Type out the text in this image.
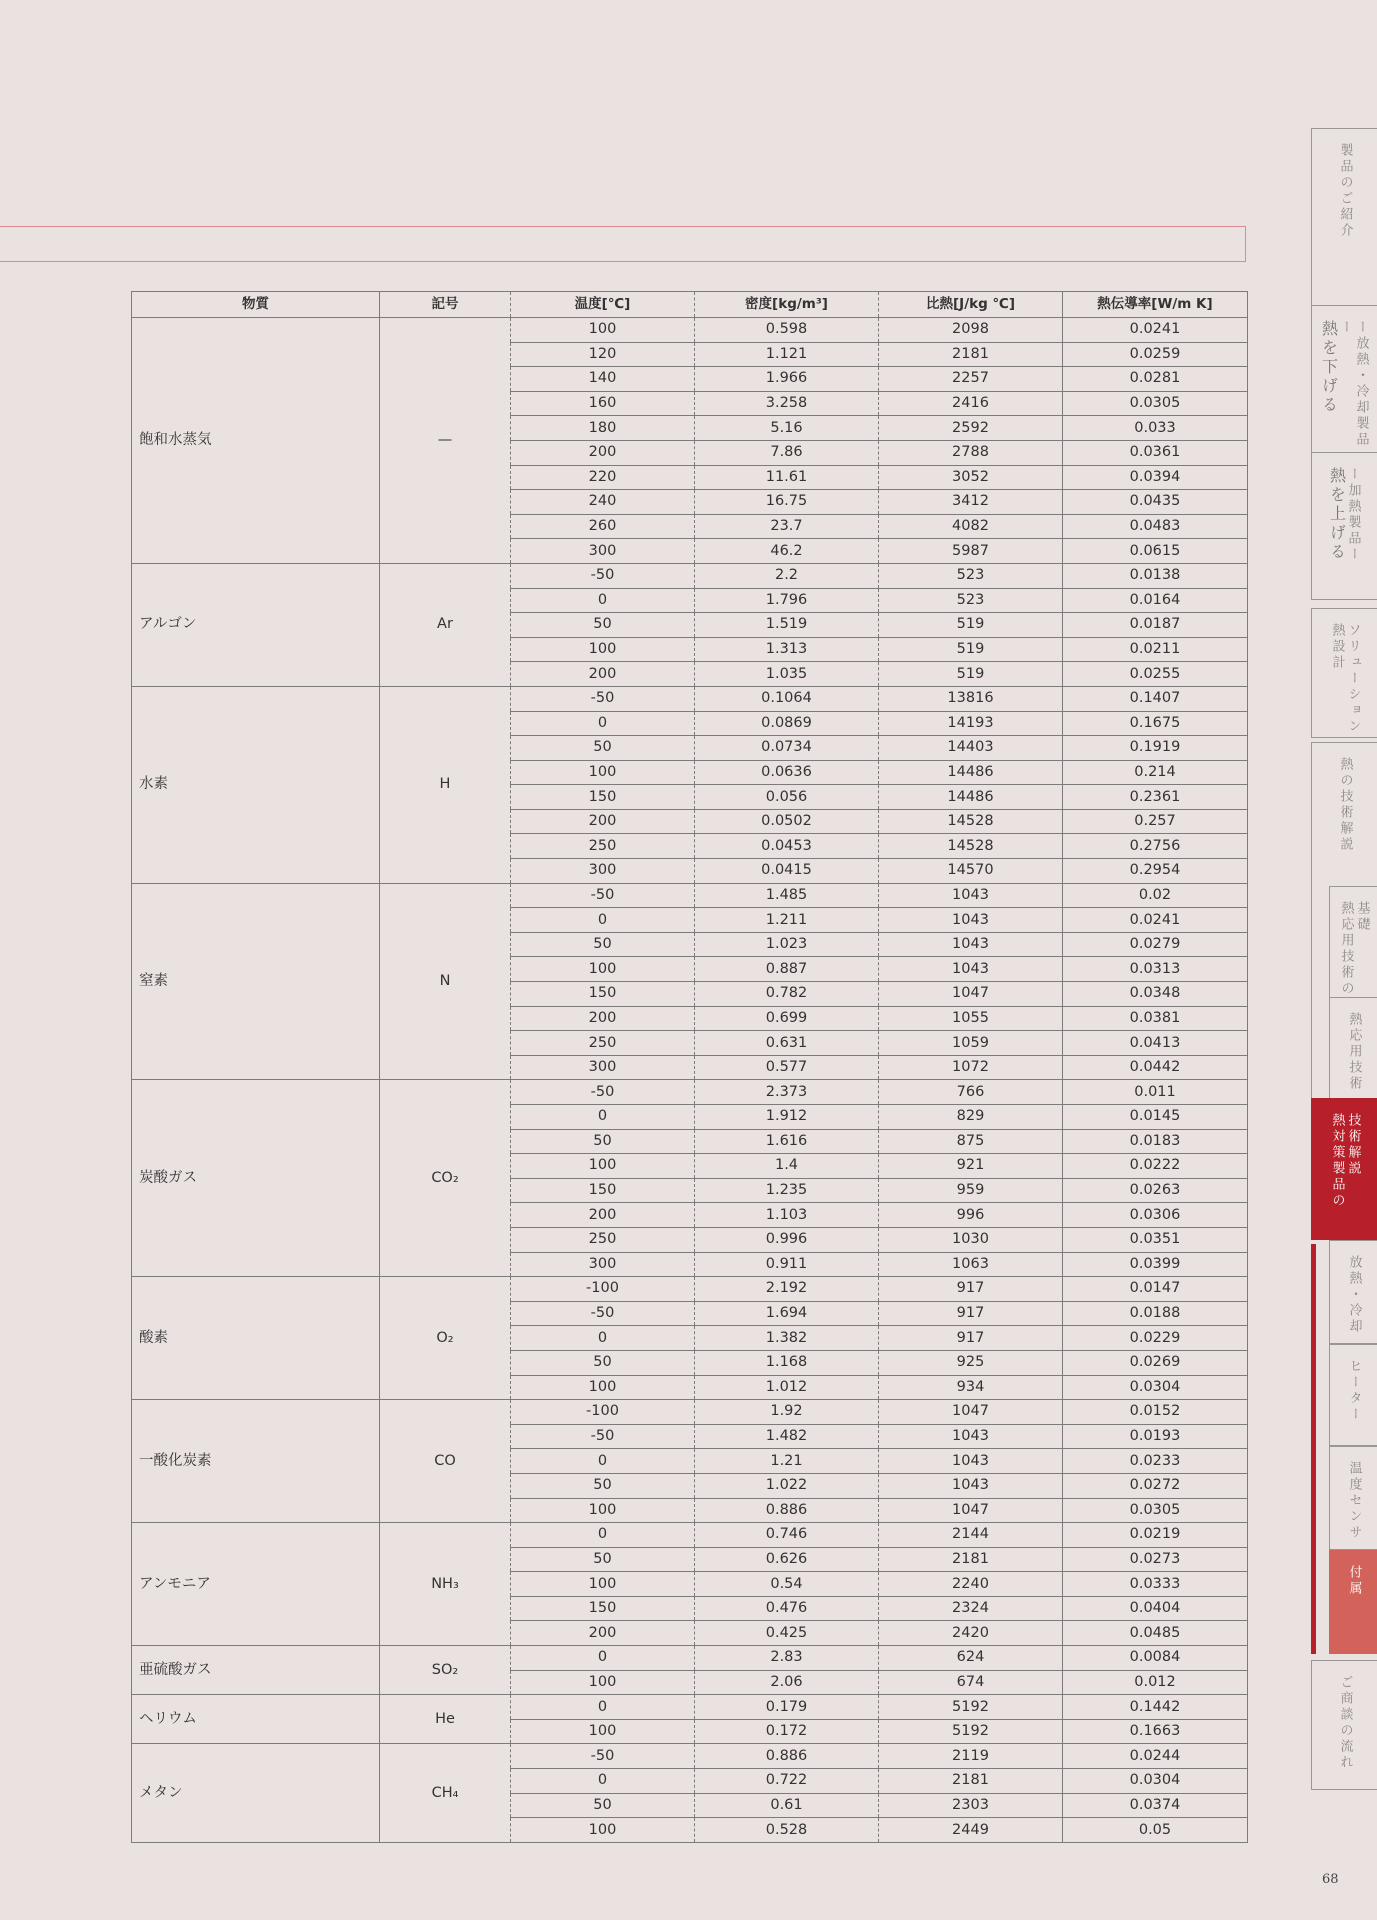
物質	記号	温度[℃]	密度[kg/m³]	比熱[J/kg ℃]	熱伝導率[W/m K]
飽和水蒸気	—	100	0.598	2098	0.0241
		120	1.121	2181	0.0259
		140	1.966	2257	0.0281
		160	3.258	2416	0.0305
		180	5.16	2592	0.033
		200	7.86	2788	0.0361
		220	11.61	3052	0.0394
		240	16.75	3412	0.0435
		260	23.7	4082	0.0483
		300	46.2	5987	0.0615
アルゴン	Ar	-50	2.2	523	0.0138
		0	1.796	523	0.0164
		50	1.519	519	0.0187
		100	1.313	519	0.0211
		200	1.035	519	0.0255
水素	H	-50	0.1064	13816	0.1407
		0	0.0869	14193	0.1675
		50	0.0734	14403	0.1919
		100	0.0636	14486	0.214
		150	0.056	14486	0.2361
		200	0.0502	14528	0.257
		250	0.0453	14528	0.2756
		300	0.0415	14570	0.2954
窒素	N	-50	1.485	1043	0.02
		0	1.211	1043	0.0241
		50	1.023	1043	0.0279
		100	0.887	1043	0.0313
		150	0.782	1047	0.0348
		200	0.699	1055	0.0381
		250	0.631	1059	0.0413
		300	0.577	1072	0.0442
炭酸ガス	CO₂	-50	2.373	766	0.011
		0	1.912	829	0.0145
		50	1.616	875	0.0183
		100	1.4	921	0.0222
		150	1.235	959	0.0263
		200	1.103	996	0.0306
		250	0.996	1030	0.0351
		300	0.911	1063	0.0399
酸素	O₂	-100	2.192	917	0.0147
		-50	1.694	917	0.0188
		0	1.382	917	0.0229
		50	1.168	925	0.0269
		100	1.012	934	0.0304
一酸化炭素	CO	-100	1.92	1047	0.0152
		-50	1.482	1043	0.0193
		0	1.21	1043	0.0233
		50	1.022	1043	0.0272
		100	0.886	1047	0.0305
アンモニア	NH₃	0	0.746	2144	0.0219
		50	0.626	2181	0.0273
		100	0.54	2240	0.0333
		150	0.476	2324	0.0404
		200	0.425	2420	0.0485
亜硫酸ガス	SO₂	0	2.83	624	0.0084
		100	2.06	674	0.012
ヘリウム	He	0	0.179	5192	0.1442
		100	0.172	5192	0.1663
メタン	CH₄	-50	0.886	2119	0.0244
		0	0.722	2181	0.0304
		50	0.61	2303	0.0374
		100	0.528	2449	0.05
製品のご紹介
熱を下げる	ー放熱・冷却製品ー
熱を上げる ー加熱製品ー
熱設計 ソリューション
熱の技術解説
熱応用技術の 基礎
熱応用技術
熱対策製品の 技術解説
放熱・冷却
ヒーター
温度センサ
付属
ご商談の流れ
68
